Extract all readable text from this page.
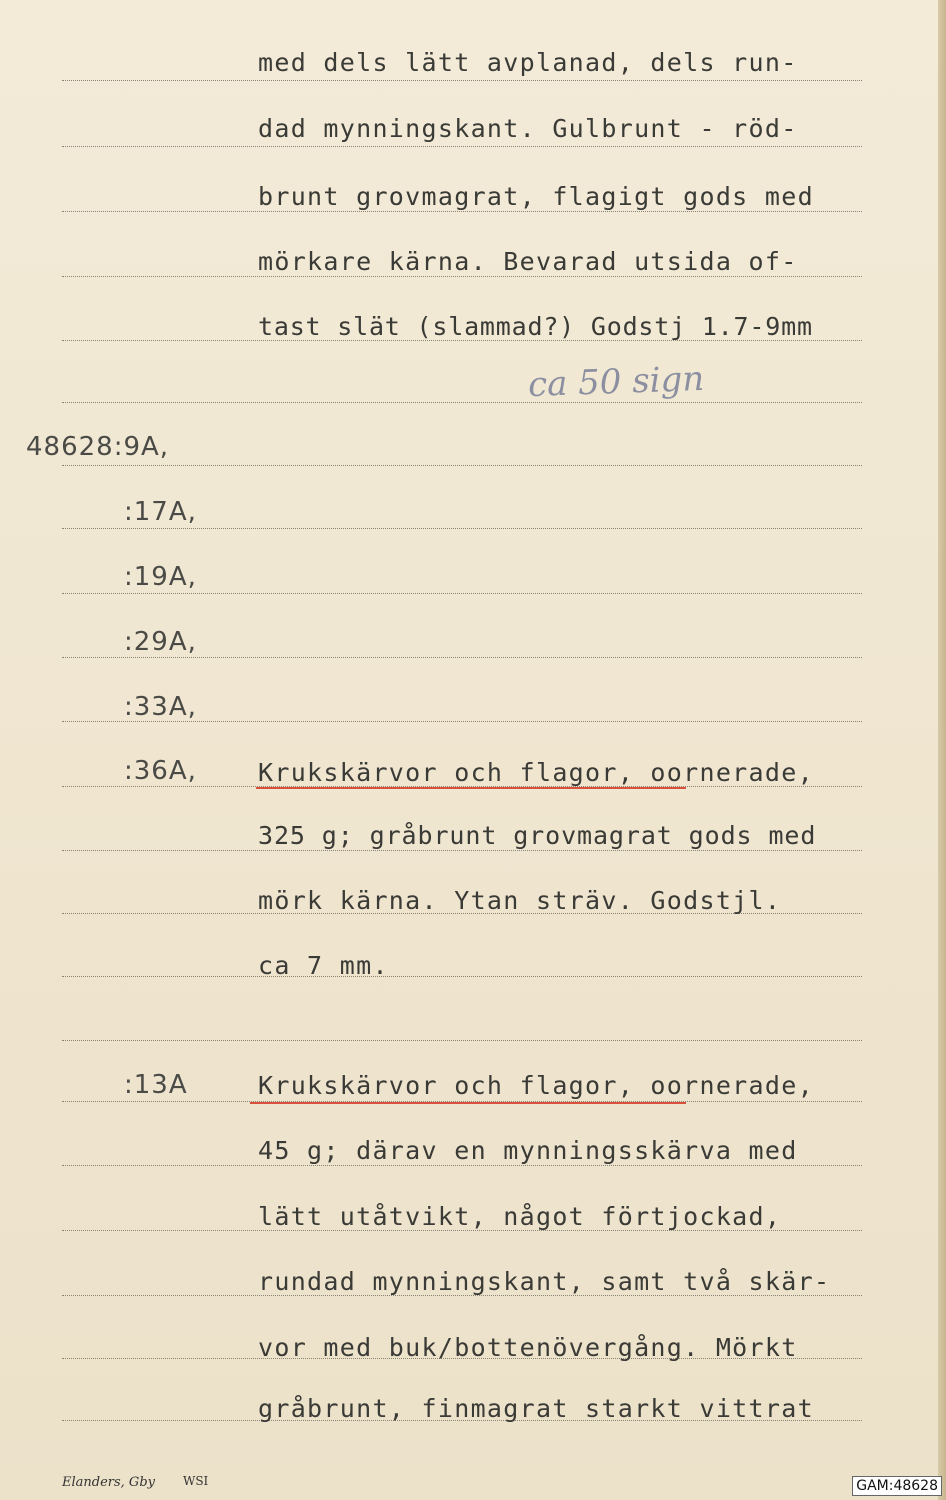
med dels lätt avplanad, dels run-
dad mynningskant. Gulbrunt - röd-
brunt grovmagrat, flagigt gods med
mörkare kärna. Bevarad utsida of-
tast slät (slammad?) Godstj 1.7-9mm
ca 50 sign
48628:9A,
:17A,
:19A,
:29A,
:33A,
:36A,
:13A
Krukskärvor och flagor, oornerade,
325 g; gråbrunt grovmagrat gods med
mörk kärna. Ytan sträv. Godstjl.
ca 7 mm.
Krukskärvor och flagor, oornerade,
45 g; därav en mynningsskärva med
lätt utåtvikt, något förtjockad,
rundad mynningskant, samt två skär-
vor med buk/bottenövergång. Mörkt
gråbrunt, finmagrat starkt vittrat
Elanders, Gby WSI	GAM:48628
